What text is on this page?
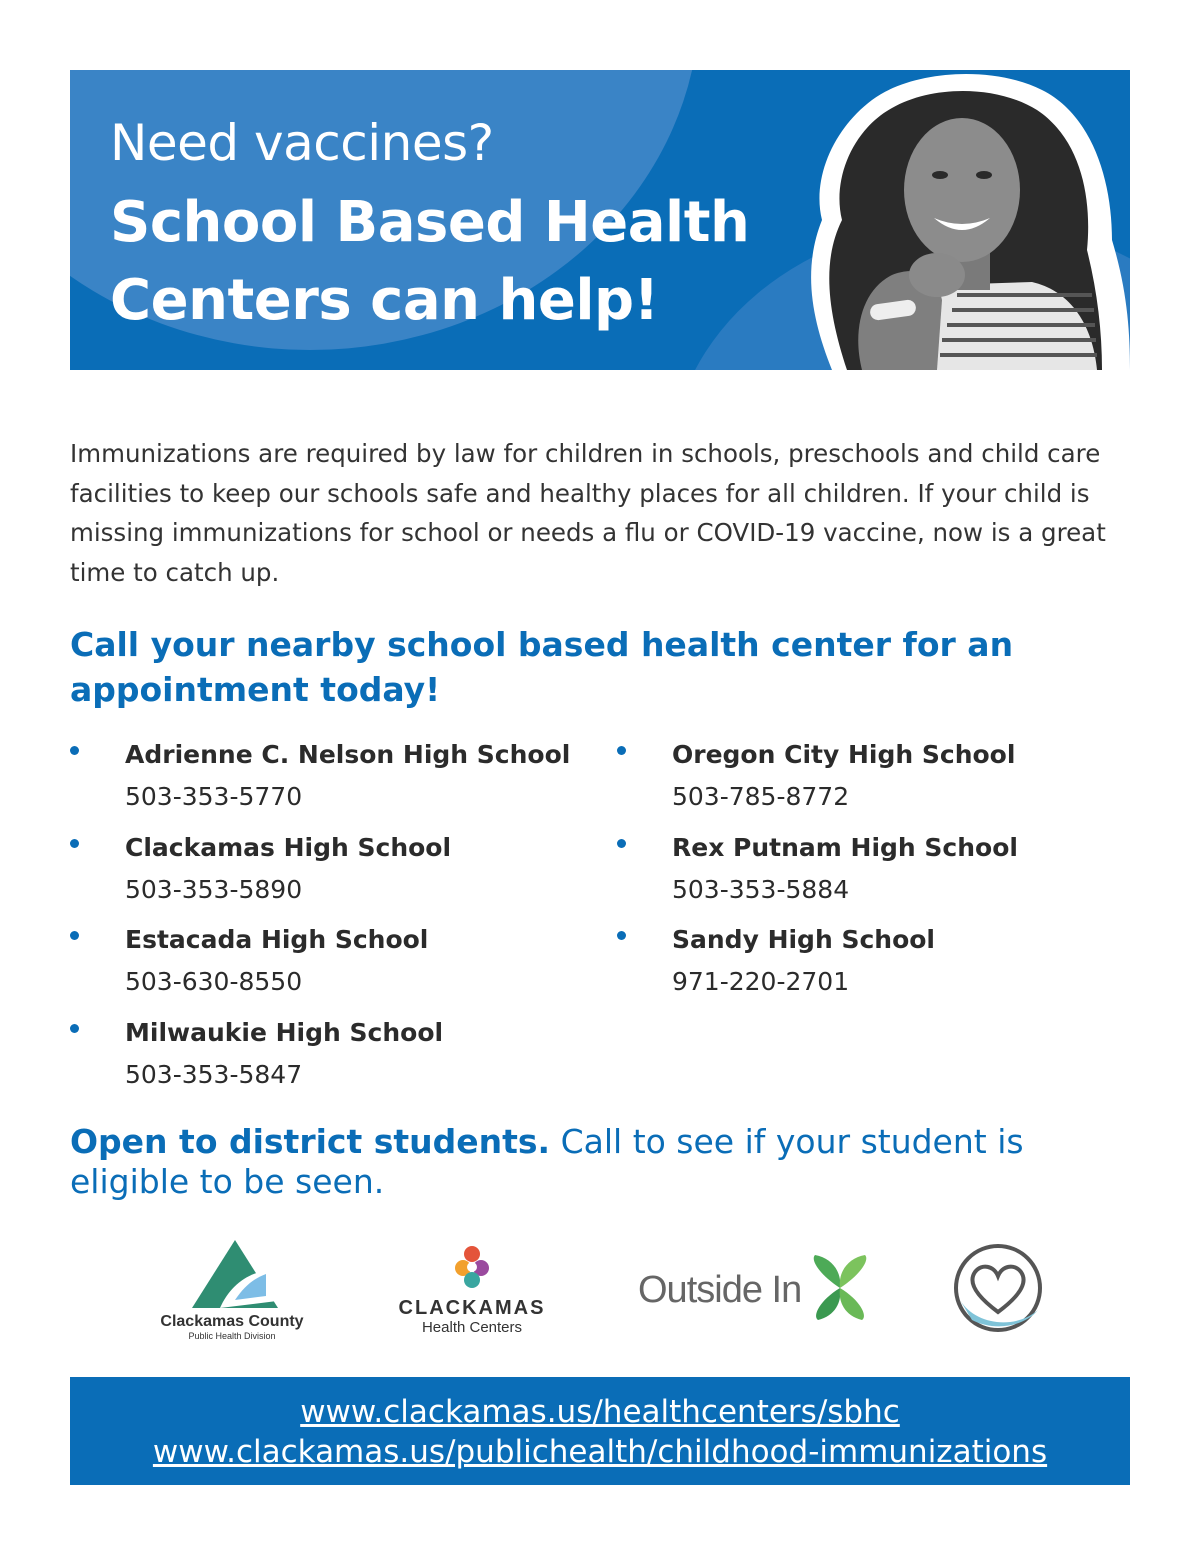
Need vaccines?
School Based Health Centers can help!

Immunizations are required by law for children in schools, preschools and child care facilities to keep our schools safe and healthy places for all children. If your child is missing immunizations for school or needs a flu or COVID-19 vaccine, now is a great time to catch up.

Call your nearby school based health center for an appointment today!
Adrienne C. Nelson High School
503-353-5770
Clackamas High School
503-353-5890
Estacada High School
503-630-8550
Milwaukie High School
503-353-5847
Oregon City High School
503-785-8772
Rex Putnam High School
503-353-5884
Sandy High School
971-220-2701

Open to district students. Call to see if your student is eligible to be seen.

Clackamas County
Public Health Division
CLACKAMAS
Health Centers
Outside In
www.clackamas.us/healthcenters/sbhc
www.clackamas.us/publichealth/childhood-immunizations
